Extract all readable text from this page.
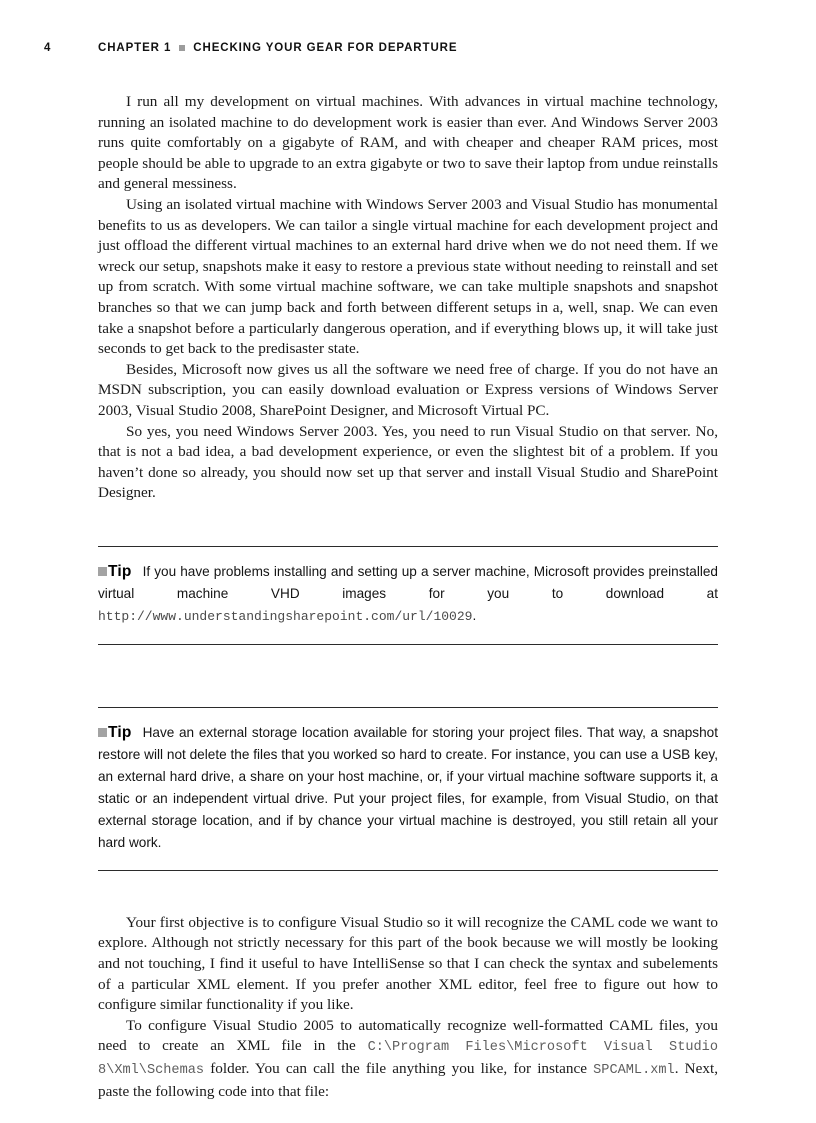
4	CHAPTER 1 CHECKING YOUR GEAR FOR DEPARTURE

I run all my development on virtual machines. With advances in virtual machine technology, running an isolated machine to do development work is easier than ever. And Windows Server 2003 runs quite comfortably on a gigabyte of RAM, and with cheaper and cheaper RAM prices, most people should be able to upgrade to an extra gigabyte or two to save their laptop from undue reinstalls and general messiness.

Using an isolated virtual machine with Windows Server 2003 and Visual Studio has monumental benefits to us as developers. We can tailor a single virtual machine for each development project and just offload the different virtual machines to an external hard drive when we do not need them. If we wreck our setup, snapshots make it easy to restore a previous state without needing to reinstall and set up from scratch. With some virtual machine software, we can take multiple snapshots and snapshot branches so that we can jump back and forth between different setups in a, well, snap. We can even take a snapshot before a particularly dangerous operation, and if everything blows up, it will take just seconds to get back to the predisaster state.

Besides, Microsoft now gives us all the software we need free of charge. If you do not have an MSDN subscription, you can easily download evaluation or Express versions of Windows Server 2003, Visual Studio 2008, SharePoint Designer, and Microsoft Virtual PC.

So yes, you need Windows Server 2003. Yes, you need to run Visual Studio on that server. No, that is not a bad idea, a bad development experience, or even the slightest bit of a problem. If you haven’t done so already, you should now set up that server and install Visual Studio and SharePoint Designer.

Tip If you have problems installing and setting up a server machine, Microsoft provides preinstalled virtual machine VHD images for you to download at http://www.understandingsharepoint.com/url/10029.
Tip Have an external storage location available for storing your project files. That way, a snapshot restore will not delete the files that you worked so hard to create. For instance, you can use a USB key, an external hard drive, a share on your host machine, or, if your virtual machine software supports it, a static or an independent virtual drive. Put your project files, for example, from Visual Studio, on that external storage location, and if by chance your virtual machine is destroyed, you still retain all your hard work.

Your first objective is to configure Visual Studio so it will recognize the CAML code we want to explore. Although not strictly necessary for this part of the book because we will mostly be looking and not touching, I find it useful to have IntelliSense so that I can check the syntax and subelements of a particular XML element. If you prefer another XML editor, feel free to figure out how to configure similar functionality if you like.

To configure Visual Studio 2005 to automatically recognize well-formatted CAML files, you need to create an XML file in the C:\Program Files\Microsoft Visual Studio 8\Xml\Schemas folder. You can call the file anything you like, for instance SPCAML.xml. Next, paste the following code into that file:
